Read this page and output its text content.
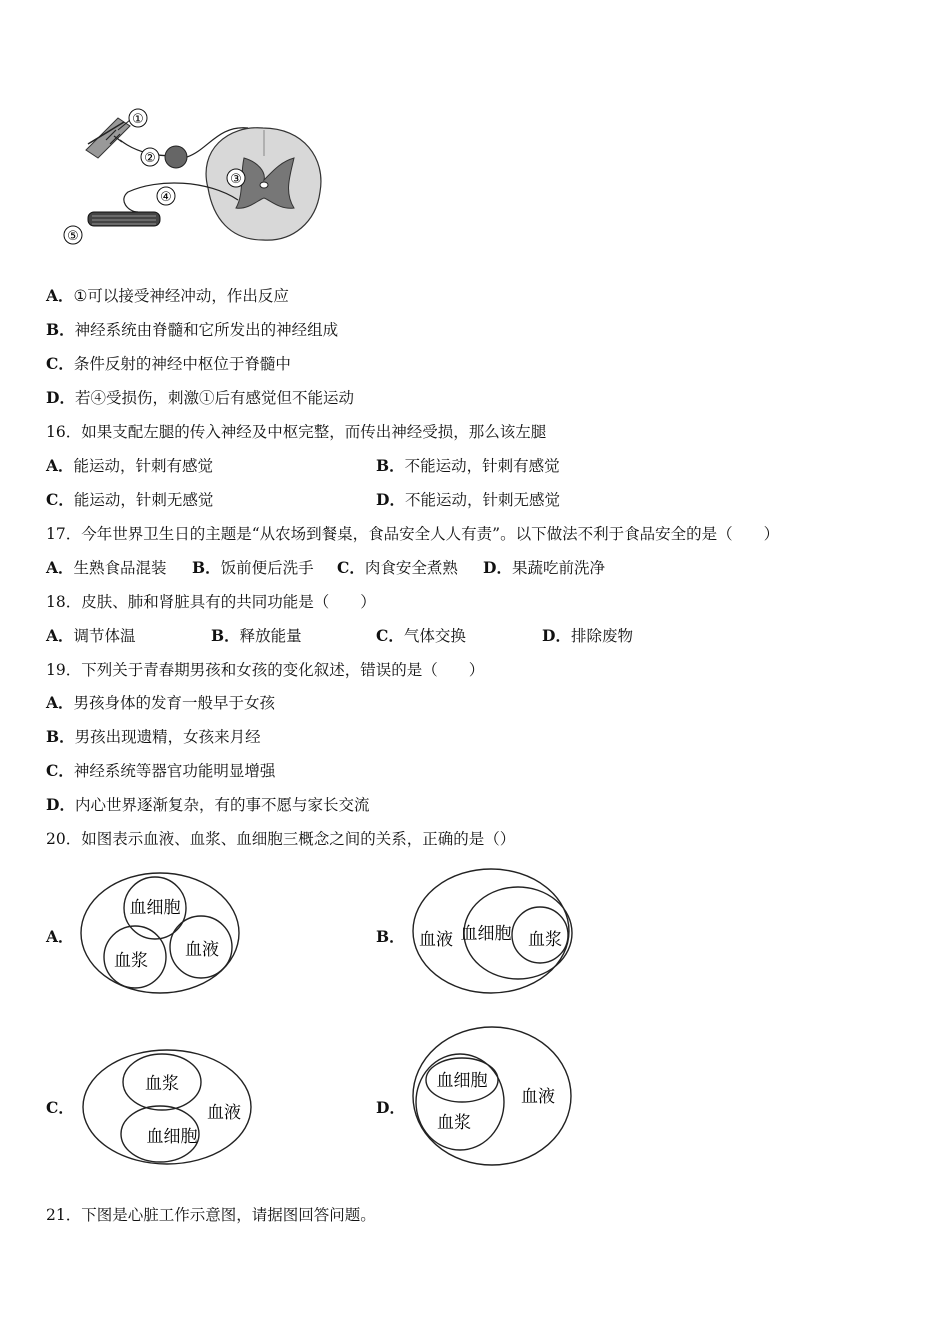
①
②
③
④
⑤
A．①可以接受神经冲动，作出反应
B．神经系统由脊髓和它所发出的神经组成
C．条件反射的神经中枢位于脊髓中
D．若④受损伤，刺激①后有感觉但不能运动
16．如果支配左腿的传入神经及中枢完整，而传出神经受损，那么该左腿
A．能运动，针刺有感觉	B．不能运动，针刺有感觉
C．能运动，针刺无感觉	D．不能运动，针刺无感觉
17．今年世界卫生日的主题是“从农场到餐桌，食品安全人人有责”。以下做法不利于食品安全的是（　　）
A．生熟食品混装 B．饭前便后洗手 C．肉食安全煮熟 D．果蔬吃前洗净
18．皮肤、肺和肾脏具有的共同功能是（　　）
A．调节体温	B．释放能量	C．气体交换	D．排除废物
19．下列关于青春期男孩和女孩的变化叙述，错误的是（　　）
A．男孩身体的发育一般早于女孩
B．男孩出现遗精，女孩来月经
C．神经系统等器官功能明显增强
D．内心世界逐渐复杂，有的事不愿与家长交流
20．如图表示血液、血浆、血细胞三概念之间的关系，正确的是（）
A．
血细胞
血浆
血液
B． 血液 血细胞 血浆
C．
血浆
血液
血细胞
D．
血细胞
血浆
血液
21．下图是心脏工作示意图，请据图回答问题。
